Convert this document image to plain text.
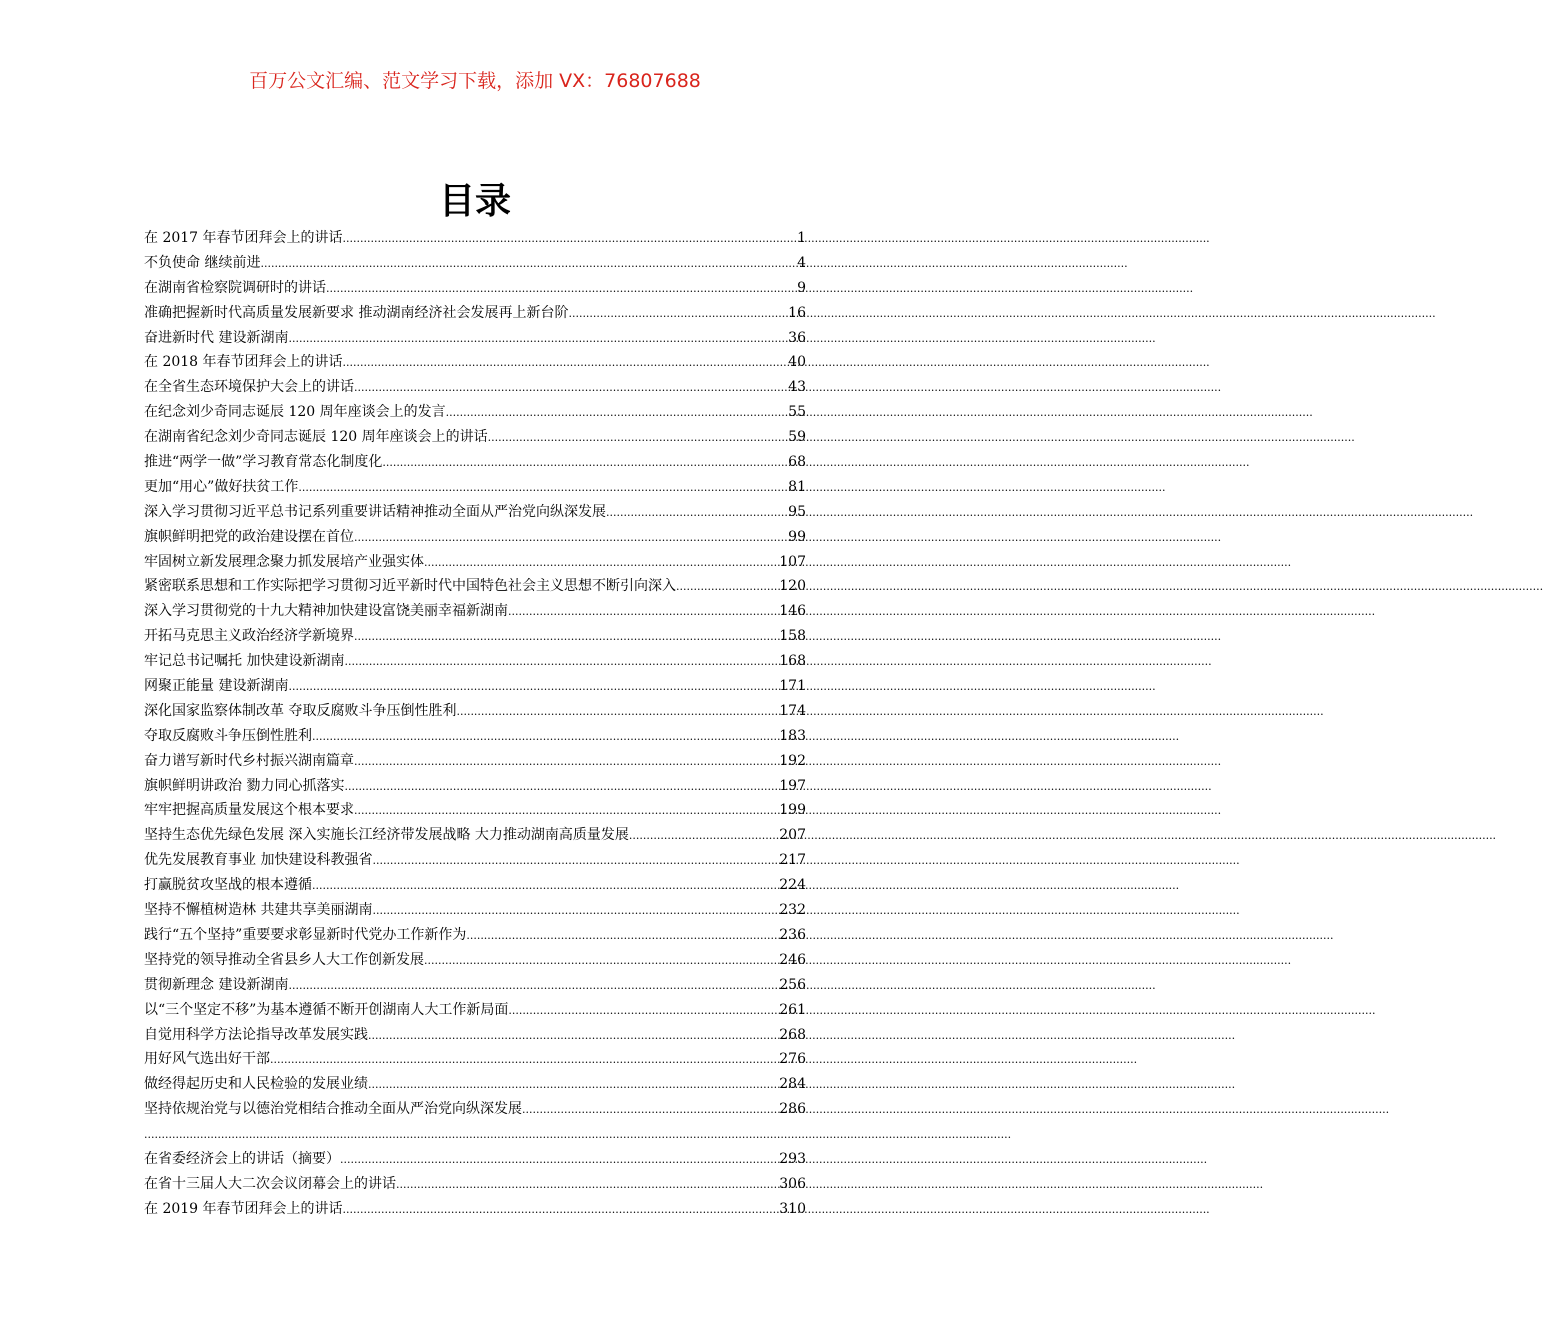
百万公文汇编、范文学习下载，添加 VX：76807688
目录
在 2017 年春节团拜会上的讲话 .....	1
不负使命 继续前进 .....	4
在湖南省检察院调研时的讲话 .....	9
准确把握新时代高质量发展新要求 推动湖南经济社会发展再上新台阶 .....	16
奋进新时代 建设新湖南 .....	36
在 2018 年春节团拜会上的讲话 .....	40
在全省生态环境保护大会上的讲话 .....	43
在纪念刘少奇同志诞辰 120 周年座谈会上的发言 .....	55
在湖南省纪念刘少奇同志诞辰 120 周年座谈会上的讲话 .....	59
推进“两学一做”学习教育常态化制度化 .....	68
更加“用心”做好扶贫工作 .....	81
深入学习贯彻习近平总书记系列重要讲话精神推动全面从严治党向纵深发展 .....	95
旗帜鲜明把党的政治建设摆在首位 .....	99
牢固树立新发展理念聚力抓发展培产业强实体 .....	107
紧密联系思想和工作实际把学习贯彻习近平新时代中国特色社会主义思想不断引向深入 .....	120
深入学习贯彻党的十九大精神加快建设富饶美丽幸福新湖南 .....	146
开拓马克思主义政治经济学新境界 .....	158
牢记总书记嘱托 加快建设新湖南 .....	168
网聚正能量 建设新湖南 .....	171
深化国家监察体制改革 夺取反腐败斗争压倒性胜利 .....	174
夺取反腐败斗争压倒性胜利 .....	183
奋力谱写新时代乡村振兴湖南篇章 .....	192
旗帜鲜明讲政治 勠力同心抓落实 .....	197
牢牢把握高质量发展这个根本要求 .....	199
坚持生态优先绿色发展 深入实施长江经济带发展战略 大力推动湖南高质量发展 .....	207
优先发展教育事业 加快建设科教强省 .....	217
打赢脱贫攻坚战的根本遵循 .....	224
坚持不懈植树造林 共建共享美丽湖南 .....	232
践行“五个坚持”重要要求彰显新时代党办工作新作为 .....	236
坚持党的领导推动全省县乡人大工作创新发展 .....	246
贯彻新理念 建设新湖南 .....	256
以“三个坚定不移”为基本遵循不断开创湖南人大工作新局面 .....	261
自觉用科学方法论指导改革发展实践 .....	268
用好风气选出好干部 .....	276
做经得起历史和人民检验的发展业绩 .....	284
坚持依规治党与以德治党相结合推动全面从严治党向纵深发展 .....	286
.....
在省委经济会上的讲话（摘要） .....	293
在省十三届人大二次会议闭幕会上的讲话 .....	306
在 2019 年春节团拜会上的讲话 .....	310
